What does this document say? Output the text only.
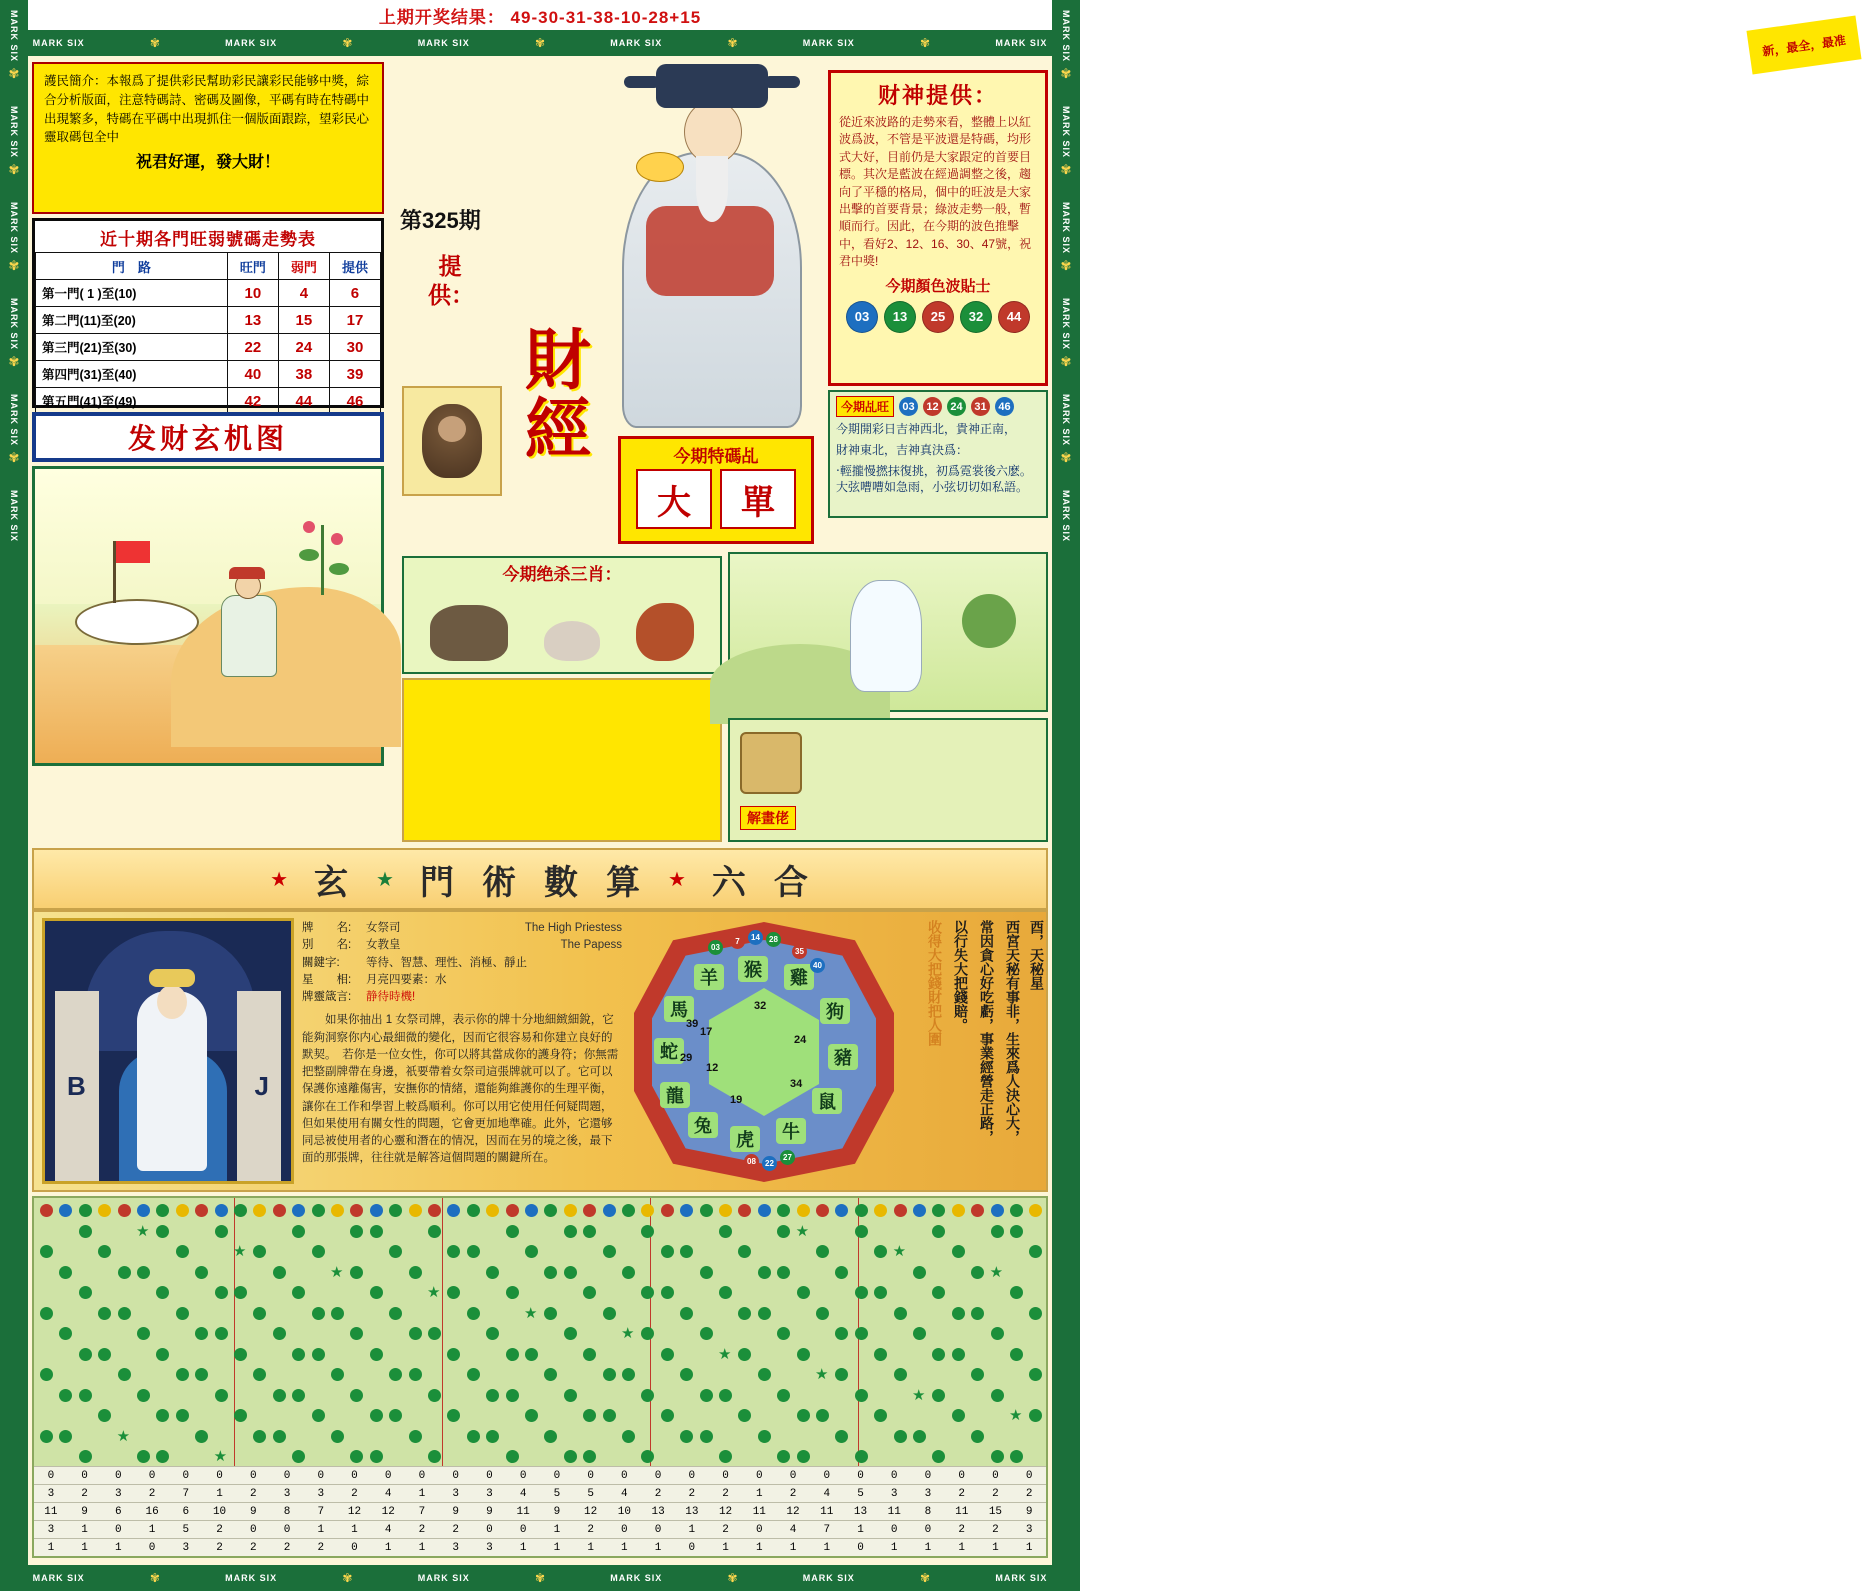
上期开奖结果： 49-30-31-38-10-28+15
MARK SIX	✾	MARK SIX	✾	MARK SIX	✾	MARK SIX	✾	MARK SIX	✾	MARK SIX
MARK SIX
✾
MARK SIX
✾
MARK SIX
✾
MARK SIX
✾
MARK SIX
✾
MARK SIX
MARK SIX
✾
MARK SIX
✾
MARK SIX
✾
MARK SIX
✾
MARK SIX
✾
MARK SIX
護民簡介：本報爲了提供彩民幫助彩民讓彩民能够中獎，綜合分析版面，注意特碼詩、密碼及圖像，平碼有時在特碼中出現繁多，特碼在平碼中出現抓住一個版面跟踪，望彩民心靈取碼包全中
祝君好運，發大財！
近十期各門旺弱號碼走勢表
門　路	旺門	弱門	提供
第一門( 1 )至(10)	10	4	6
第二門(11)至(20)	13	15	17
第三門(21)至(30)	22	24	30
第四門(31)至(40)	40	38	39
第五門(41)至(49)	42	44	46
发财玄机图
第325期
提供：
財
經	今期特碼乩
大	單
财神提供：

從近來波路的走勢來看，整體上以紅波爲波，不管是平波還是特碼，均形式大好，目前仍是大家跟定的首要目標。其次是藍波在經過調整之後，趨向了平穩的格局，個中的旺波是大家出擊的首要背景；綠波走勢一般，暫順而行。因此，在今期的波色推擊中，看好2、12、16、30、47號，祝君中獎!

今期顏色波貼士
03	13	25	32	44
新，最全，最准
今期乩旺	03	12	24	31	46

今期開彩日吉神西北，貴神正南，

財神東北，吉神真決爲：

‧輕攏慢撚抹復挑，初爲霓裳後六麽。大弦嘈嘈如急雨，小弦切切如私語。

今期绝杀三肖：
解畫佬
★ 玄 ★ 門 術 數 算 ★ 六 合
B	J
牌　　名:	女祭司	The High Priestess
別　　名:	女教皇	The Papess
關鍵字:	等待、智慧、理性、消極、靜止
星　　相:	月亮四要素：水
牌靈箴言:	静待時機!
如果你抽出 1 女祭司牌，表示你的牌十分地細緻細銳，它能夠洞察你内心最細微的變化，因而它很容易和你建立良好的默契。　若你是一位女性，你可以將其當成你的護身符；你無需把整副牌帶在身邊，祇要帶着女祭司這張牌就可以了。它可以保護你遠離傷害，安撫你的情緒，還能夠維護你的生理平衡，讓你在工作和學習上較爲順利。你可以用它使用任何疑問題，但如果使用有關女性的問題，它會更加地準確。此外，它還够同忌被使用者的心靈和潛在的情况，因而在另的境之後，最下面的那張牌，往往就是解答這個問題的關鍵所在。
羊	猴	雞
狗
豬
鼠
牛
虎
兔
龍
蛇
馬	32
24
34
19
12
17
29
39
7	14	28
35
40
03
08	22
27
酉，天秘星
西宮天秘有事非，生來爲人決心大，
常因貪心好吃虧，事業經營走正路，
以行失大把錢賠。
收得大把錢財把人圍
★	★
★	★
★	★
★
★
★
★
★
★
★
★
★
0	0	0	0	0	0	0	0	0	0	0	0	0	0	0	0	0	0	0	0	0	0	0	0	0	0	0	0	0	0
3	2	3	2	7	1	2	3	3	2	4	1	3	3	4	5	5	4	2	2	2	1	2	4	5	3	3	2	2	2
11	9	6	16	6	10	9	8	7	12	12	7	9	9	11	9	12	10	13	13	12	11	12	11	13	11	8	11	15	9
3	1	0	1	5	2	0	0	1	1	4	2	2	0	0	1	2	0	0	1	2	0	4	7	1	0	0	2	2	3
1	1	1	0	3	2	2	2	2	0	1	1	3	3	1	1	1	1	1	0	1	1	1	1	0	1	1	1	1	1
MARK SIX	✾	MARK SIX	✾	MARK SIX	✾	MARK SIX	✾	MARK SIX	✾	MARK SIX
